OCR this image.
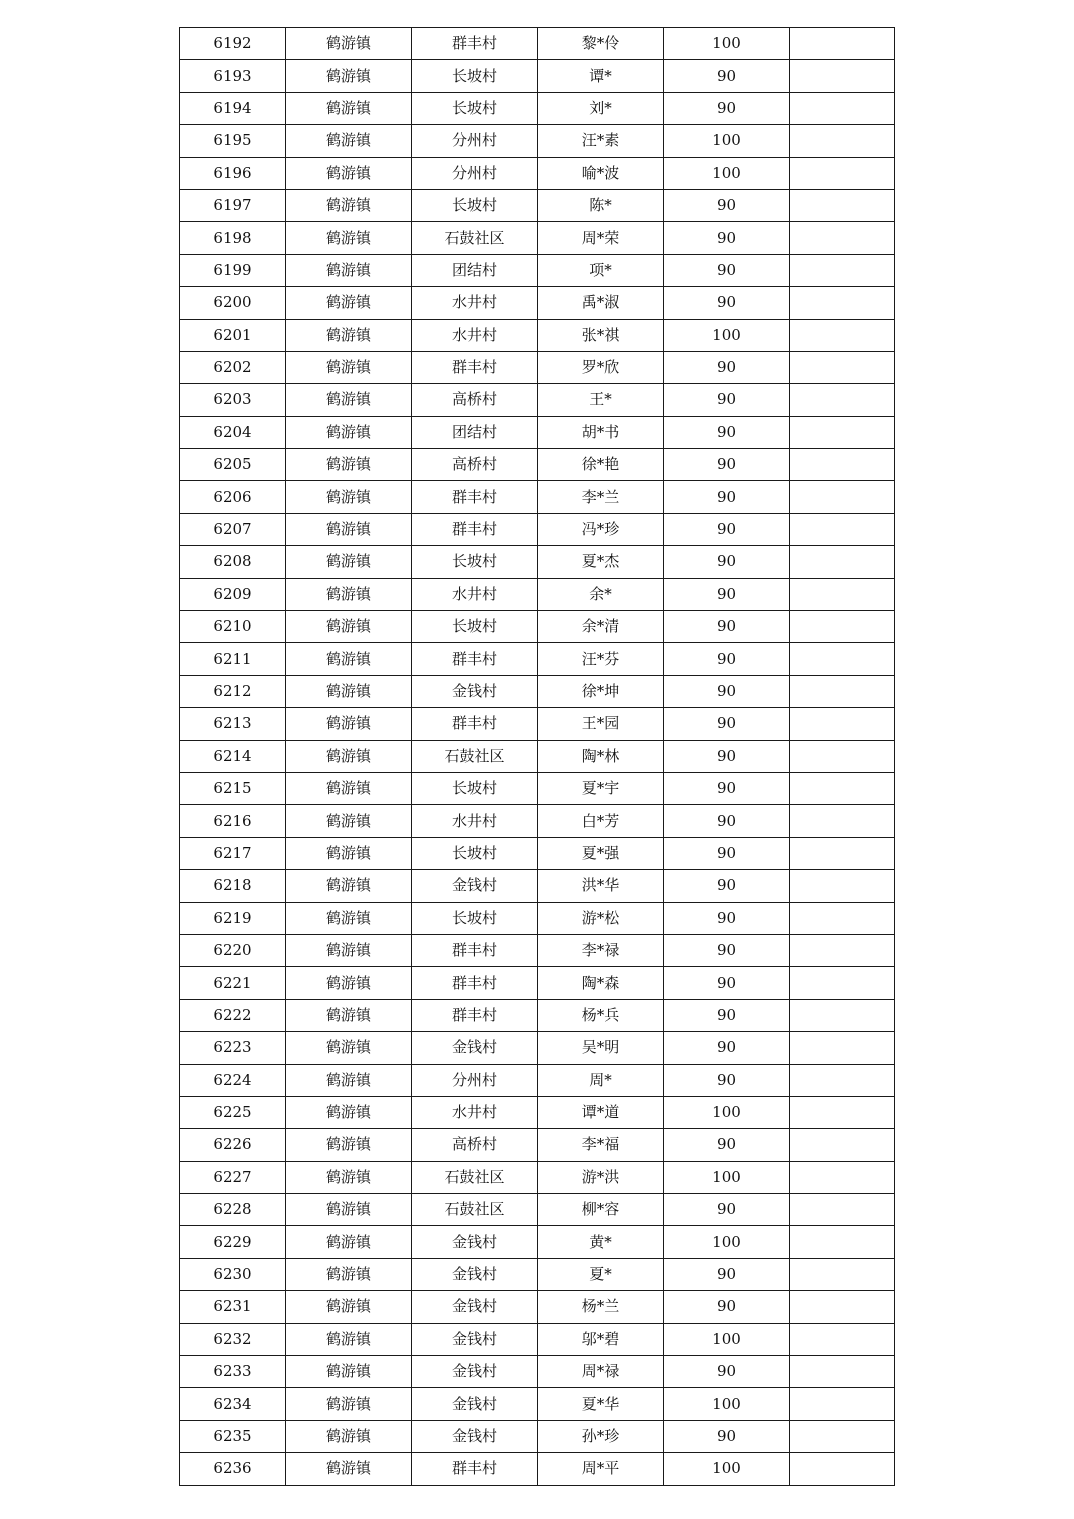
6192	鹤游镇	群丰村	黎*伶	100	
6193	鹤游镇	长坡村	谭*	90	
6194	鹤游镇	长坡村	刘*	90	
6195	鹤游镇	分州村	汪*素	100	
6196	鹤游镇	分州村	喻*波	100	
6197	鹤游镇	长坡村	陈*	90	
6198	鹤游镇	石鼓社区	周*荣	90	
6199	鹤游镇	团结村	项*	90	
6200	鹤游镇	水井村	禹*淑	90	
6201	鹤游镇	水井村	张*祺	100	
6202	鹤游镇	群丰村	罗*欣	90	
6203	鹤游镇	高桥村	王*	90	
6204	鹤游镇	团结村	胡*书	90	
6205	鹤游镇	高桥村	徐*艳	90	
6206	鹤游镇	群丰村	李*兰	90	
6207	鹤游镇	群丰村	冯*珍	90	
6208	鹤游镇	长坡村	夏*杰	90	
6209	鹤游镇	水井村	余*	90	
6210	鹤游镇	长坡村	余*清	90	
6211	鹤游镇	群丰村	汪*芬	90	
6212	鹤游镇	金钱村	徐*坤	90	
6213	鹤游镇	群丰村	王*园	90	
6214	鹤游镇	石鼓社区	陶*林	90	
6215	鹤游镇	长坡村	夏*宇	90	
6216	鹤游镇	水井村	白*芳	90	
6217	鹤游镇	长坡村	夏*强	90	
6218	鹤游镇	金钱村	洪*华	90	
6219	鹤游镇	长坡村	游*松	90	
6220	鹤游镇	群丰村	李*禄	90	
6221	鹤游镇	群丰村	陶*森	90	
6222	鹤游镇	群丰村	杨*兵	90	
6223	鹤游镇	金钱村	吴*明	90	
6224	鹤游镇	分州村	周*	90	
6225	鹤游镇	水井村	谭*道	100	
6226	鹤游镇	高桥村	李*福	90	
6227	鹤游镇	石鼓社区	游*洪	100	
6228	鹤游镇	石鼓社区	柳*容	90	
6229	鹤游镇	金钱村	黄*	100	
6230	鹤游镇	金钱村	夏*	90	
6231	鹤游镇	金钱村	杨*兰	90	
6232	鹤游镇	金钱村	邬*碧	100	
6233	鹤游镇	金钱村	周*禄	90	
6234	鹤游镇	金钱村	夏*华	100	
6235	鹤游镇	金钱村	孙*珍	90	
6236	鹤游镇	群丰村	周*平	100	
